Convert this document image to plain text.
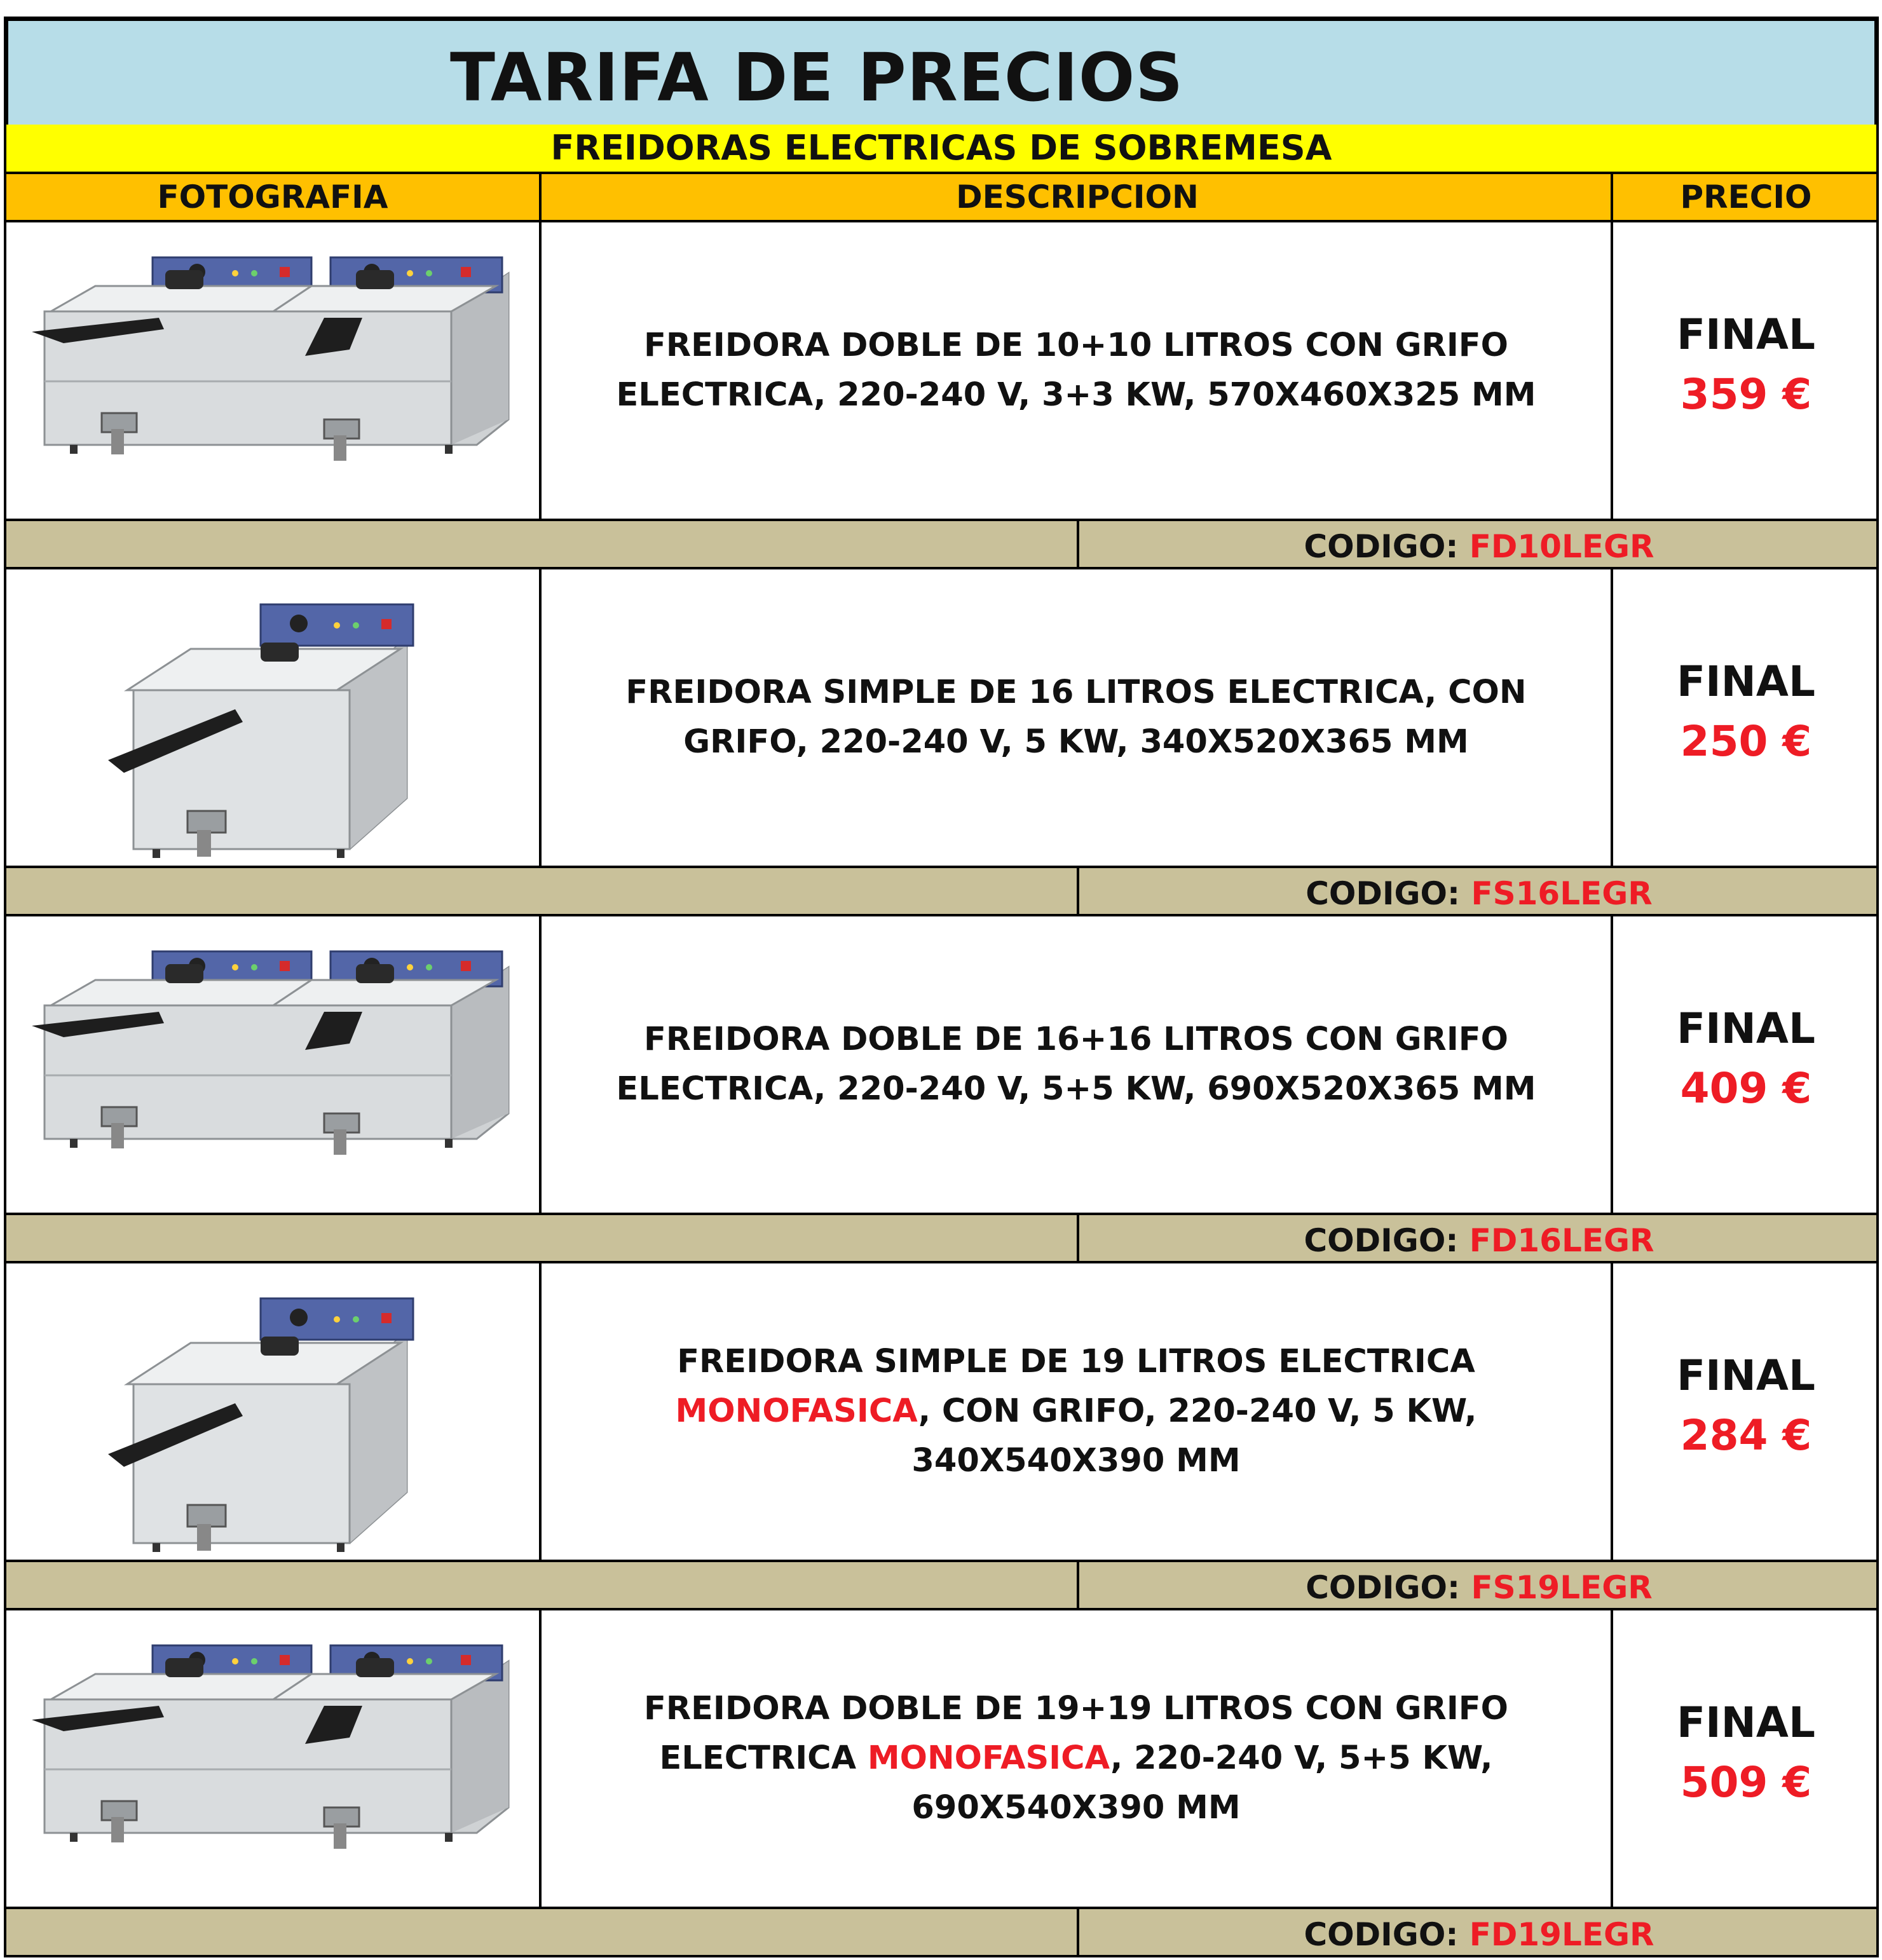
TARIFA DE PRECIOS
FREIDORAS ELECTRICAS DE SOBREMESA
FOTOGRAFIA	DESCRIPCION	PRECIO
FREIDORA DOBLE DE 10+10 LITROS CON GRIFO ELECTRICA, 220-240 V, 3+3 KW, 570X460X325 MM
FINAL
359 €
CODIGO: FD10LEGR
FREIDORA SIMPLE DE 16 LITROS ELECTRICA, CON GRIFO, 220-240 V, 5 KW, 340X520X365 MM
FINAL
250 €
CODIGO: FS16LEGR
FREIDORA DOBLE DE 16+16 LITROS CON GRIFO ELECTRICA, 220-240 V, 5+5 KW, 690X520X365 MM
FINAL
409 €
CODIGO: FD16LEGR
FREIDORA SIMPLE DE 19 LITROS ELECTRICA MONOFASICA, CON GRIFO, 220-240 V, 5 KW, 340X540X390 MM
FINAL
284 €
CODIGO: FS19LEGR
FREIDORA DOBLE DE 19+19 LITROS CON GRIFO ELECTRICA MONOFASICA, 220-240 V, 5+5 KW, 690X540X390 MM
FINAL
509 €
CODIGO: FD19LEGR
